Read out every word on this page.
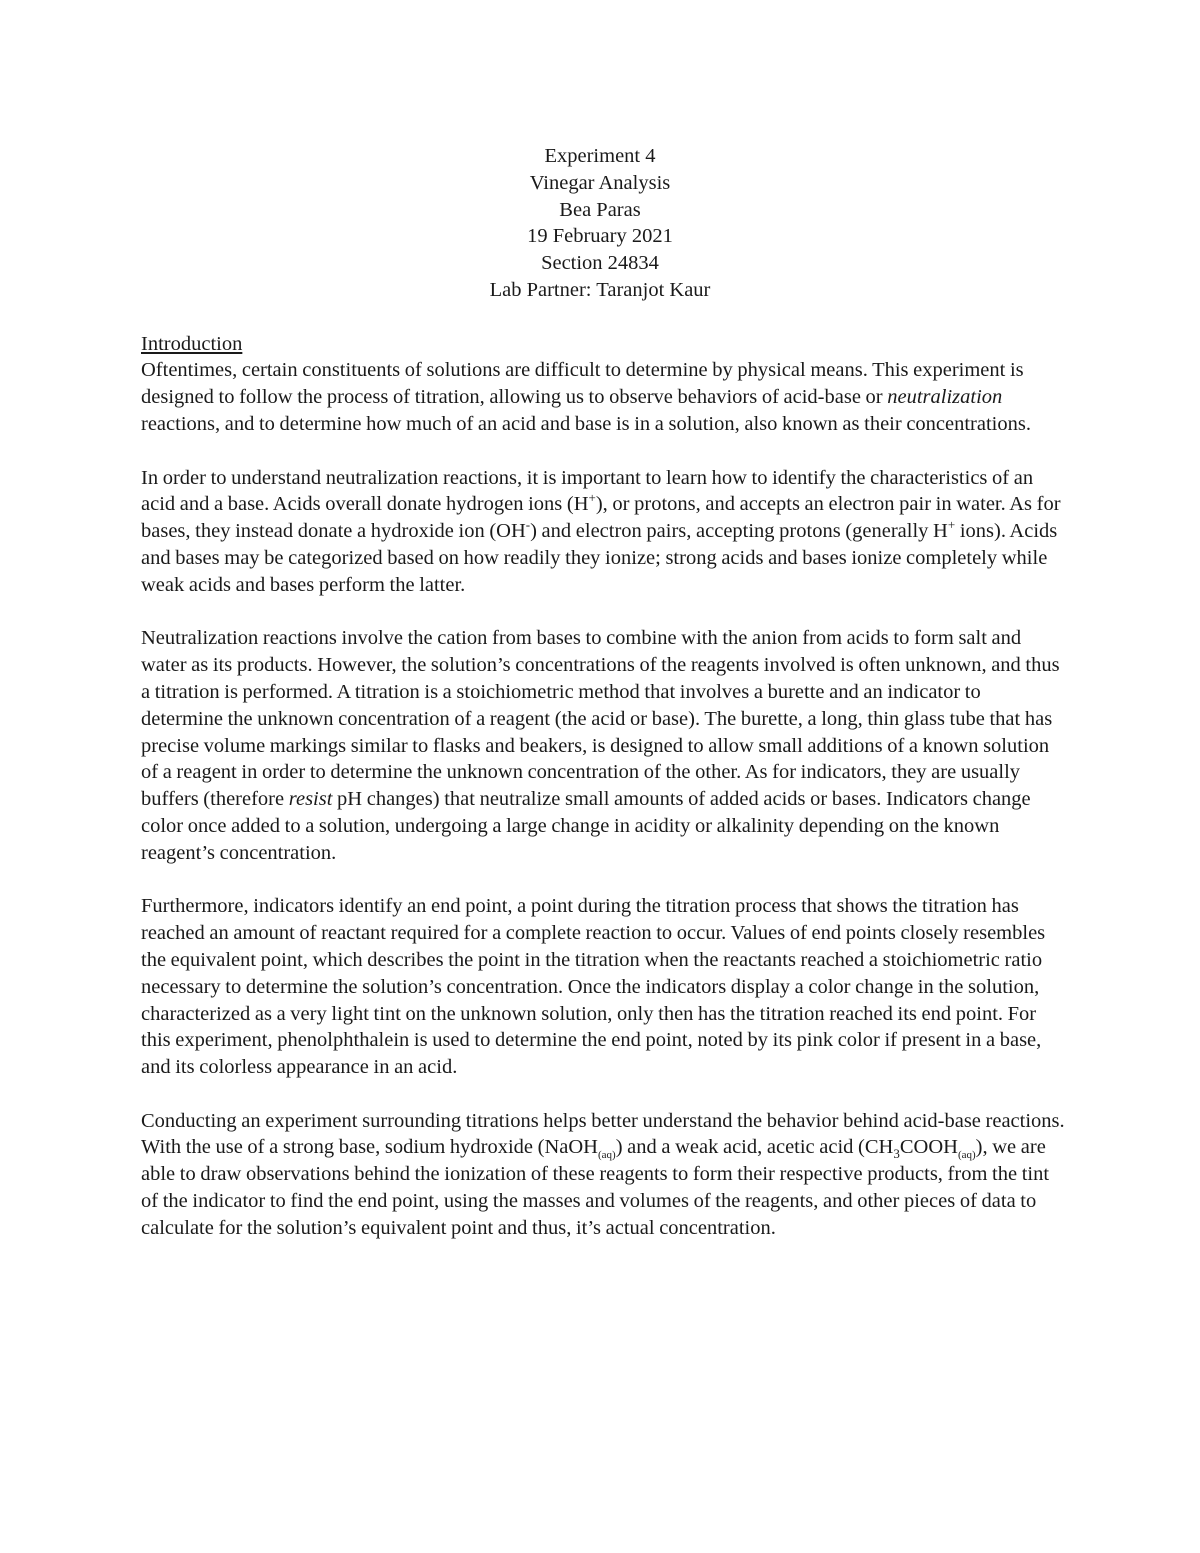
Experiment 4
Vinegar Analysis
Bea Paras
19 February 2021
Section 24834
Lab Partner: Taranjot Kaur
Introduction

Oftentimes, certain constituents of solutions are difficult to determine by physical means. This experiment is designed to follow the process of titration, allowing us to observe behaviors of acid-base or neutralization reactions, and to determine how much of an acid and base is in a solution, also known as their concentrations.

In order to understand neutralization reactions, it is important to learn how to identify the characteristics of an acid and a base. Acids overall donate hydrogen ions (H+), or protons, and accepts an electron pair in water. As for bases, they instead donate a hydroxide ion (OH-) and electron pairs, accepting protons (generally H+ ions). Acids and bases may be categorized based on how readily they ionize; strong acids and bases ionize completely while weak acids and bases perform the latter.

Neutralization reactions involve the cation from bases to combine with the anion from acids to form salt and water as its products. However, the solution’s concentrations of the reagents involved is often unknown, and thus a titration is performed. A titration is a stoichiometric method that involves a burette and an indicator to determine the unknown concentration of a reagent (the acid or base). The burette, a long, thin glass tube that has precise volume markings similar to flasks and beakers, is designed to allow small additions of a known solution of a reagent in order to determine the unknown concentration of the other. As for indicators, they are usually buffers (therefore resist pH changes) that neutralize small amounts of added acids or bases. Indicators change color once added to a solution, undergoing a large change in acidity or alkalinity depending on the known reagent’s concentration.

Furthermore, indicators identify an end point, a point during the titration process that shows the titration has reached an amount of reactant required for a complete reaction to occur. Values of end points closely resembles the equivalent point, which describes the point in the titration when the reactants reached a stoichiometric ratio necessary to determine the solution’s concentration. Once the indicators display a color change in the solution, characterized as a very light tint on the unknown solution, only then has the titration reached its end point. For this experiment, phenolphthalein is used to determine the end point, noted by its pink color if present in a base, and its colorless appearance in an acid.

Conducting an experiment surrounding titrations helps better understand the behavior behind acid-base reactions. With the use of a strong base, sodium hydroxide (NaOH$_{(aq)}$) and a weak acid, acetic acid $(CH_3COOH_{(aq)})$, we are able to draw observations behind the ionization of these reagents to form their respective products, from the tint of the indicator to find the end point, using the masses and volumes of the reagents, and other pieces of data to calculate for the solution’s equivalent point and thus, it’s actual concentration.
